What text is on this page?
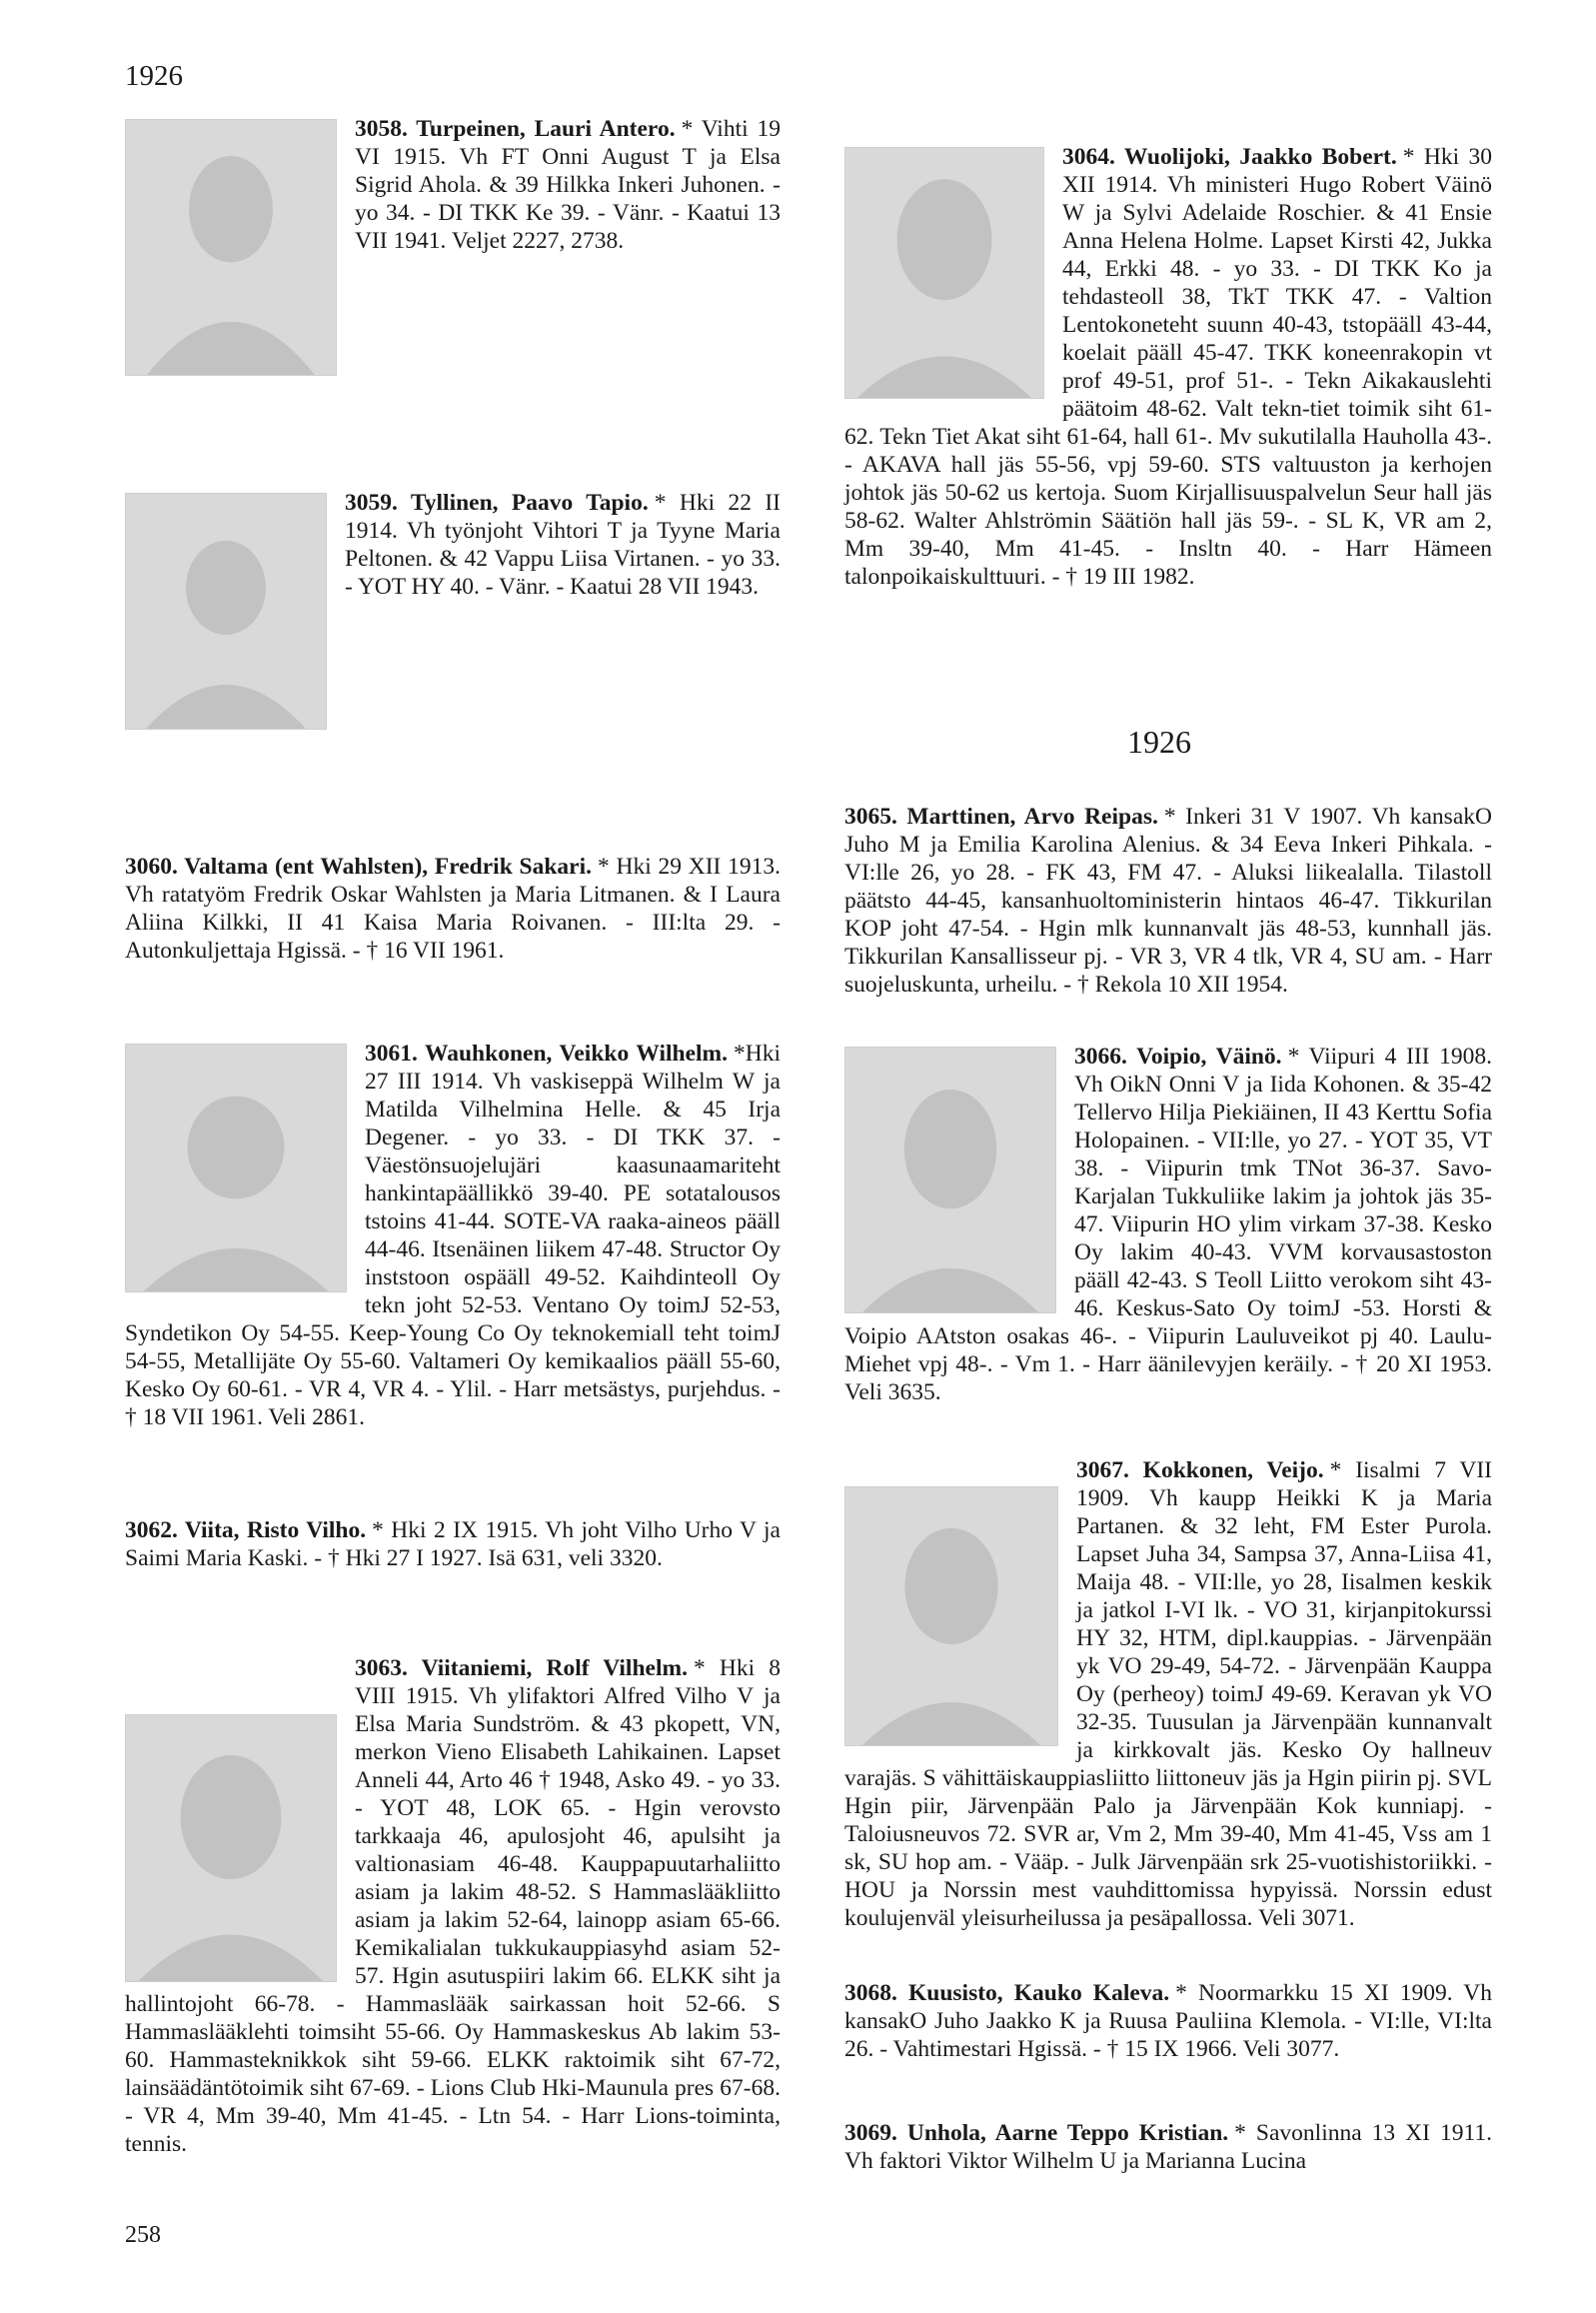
1926
1926
258

3058. Turpeinen, Lauri Antero. * Vihti 19 VI 1915. Vh FT Onni August T ja Elsa Sigrid Ahola. & 39 Hilkka Inkeri Juhonen. - yo 34. - DI TKK Ke 39. - Vänr. - Kaatui 13 VII 1941. Veljet 2227, 2738.

3059. Tyllinen, Paavo Tapio. * Hki 22 II 1914. Vh työnjoht Vihtori T ja Tyyne Maria Peltonen. & 42 Vappu Liisa Virtanen. - yo 33. - YOT HY 40. - Vänr. - Kaatui 28 VII 1943.

3060. Valtama (ent Wahlsten), Fredrik Sakari. * Hki 29 XII 1913. Vh ratatyöm Fredrik Oskar Wahlsten ja Maria Litmanen. & I Laura Aliina Kilkki, II 41 Kaisa Maria Roivanen. - III:lta 29. - Autonkuljettaja Hgissä. - † 16 VII 1961.

3061. Wauhkonen, Veikko Wilhelm. *Hki 27 III 1914. Vh vaskiseppä Wilhelm W ja Matilda Vilhelmina Helle. & 45 Irja Degener. - yo 33. - DI TKK 37. - Väestönsuojelujäri kaasunaamariteht hankintapäällikkö 39-40. PE sotatalousos tstoins 41-44. SOTE-VA raaka-aineos pääll 44-46. Itsenäinen liikem 47-48. Structor Oy inststoon ospääll 49-52. Kaihdinteoll Oy tekn joht 52-53. Ventano Oy toimJ 52-53, Syndetikon Oy 54-55. Keep-Young Co Oy teknokemiall teht toimJ 54-55, Metallijäte Oy 55-60. Valtameri Oy kemikaalios pääll 55-60, Kesko Oy 60-61. - VR 4, VR 4. - Ylil. - Harr metsästys, purjehdus. - † 18 VII 1961. Veli 2861.

3062. Viita, Risto Vilho. * Hki 2 IX 1915. Vh joht Vilho Urho V ja Saimi Maria Kaski. - † Hki 27 I 1927. Isä 631, veli 3320.

3063. Viitaniemi, Rolf Vilhelm. * Hki 8 VIII 1915. Vh ylifaktori Alfred Vilho V ja Elsa Maria Sundström. & 43 pkopett, VN, merkon Vieno Elisabeth Lahikainen. Lapset Anneli 44, Arto 46 † 1948, Asko 49. - yo 33. - YOT 48, LOK 65. - Hgin verovsto tarkkaaja 46, apulosjoht 46, apulsiht ja valtionasiam 46-48. Kauppapuutarhaliitto asiam ja lakim 48-52. S Hammaslääkliitto asiam ja lakim 52-64, lainopp asiam 65-66. Kemikalialan tukkukauppiasyhd asiam 52-57. Hgin asutuspiiri lakim 66. ELKK siht ja hallintojoht 66-78. - Hammaslääk sairkassan hoit 52-66. S Hammaslääklehti toimsiht 55-66. Oy Hammaskeskus Ab lakim 53-60. Hammasteknikkok siht 59-66. ELKK raktoimik siht 67-72, lainsäädäntötoimik siht 67-69. - Lions Club Hki-Maunula pres 67-68. - VR 4, Mm 39-40, Mm 41-45. - Ltn 54. - Harr Lions-toiminta, tennis.

3064. Wuolijoki, Jaakko Bobert. * Hki 30 XII 1914. Vh ministeri Hugo Robert Väinö W ja Sylvi Adelaide Roschier. & 41 Ensie Anna Helena Holme. Lapset Kirsti 42, Jukka 44, Erkki 48. - yo 33. - DI TKK Ko ja tehdasteoll 38, TkT TKK 47. - Valtion Lentokoneteht suunn 40-43, tstopääll 43-44, koelait pääll 45-47. TKK koneenrakopin vt prof 49-51, prof 51-. - Tekn Aikakauslehti päätoim 48-62. Valt tekn-tiet toimik siht 61-62. Tekn Tiet Akat siht 61-64, hall 61-. Mv sukutilalla Hauholla 43-. - AKAVA hall jäs 55-56, vpj 59-60. STS valtuuston ja kerhojen johtok jäs 50-62 us kertoja. Suom Kirjallisuuspalvelun Seur hall jäs 58-62. Walter Ahlströmin Säätiön hall jäs 59-. - SL K, VR am 2, Mm 39-40, Mm 41-45. - Insltn 40. - Harr Hämeen talonpoikaiskulttuuri. - † 19 III 1982.

3065. Marttinen, Arvo Reipas. * Inkeri 31 V 1907. Vh kansakO Juho M ja Emilia Karolina Alenius. & 34 Eeva Inkeri Pihkala. - VI:lle 26, yo 28. - FK 43, FM 47. - Aluksi liikealalla. Tilastoll päätsto 44-45, kansanhuoltoministerin hintaos 46-47. Tikkurilan KOP joht 47-54. - Hgin mlk kunnanvalt jäs 48-53, kunnhall jäs. Tikkurilan Kansallisseur pj. - VR 3, VR 4 tlk, VR 4, SU am. - Harr suojeluskunta, urheilu. - † Rekola 10 XII 1954.

3066. Voipio, Väinö. * Viipuri 4 III 1908. Vh OikN Onni V ja Iida Kohonen. & 35-42 Tellervo Hilja Piekiäinen, II 43 Kerttu Sofia Holopainen. - VII:lle, yo 27. - YOT 35, VT 38. - Viipurin tmk TNot 36-37. Savo-Karjalan Tukkuliike lakim ja johtok jäs 35-47. Viipurin HO ylim virkam 37-38. Kesko Oy lakim 40-43. VVM korvausastoston pääll 42-43. S Teoll Liitto verokom siht 43-46. Keskus-Sato Oy toimJ -53. Horsti & Voipio AAtston osakas 46-. - Viipurin Lauluveikot pj 40. Laulu-Miehet vpj 48-. - Vm 1. - Harr äänilevyjen keräily. - † 20 XI 1953. Veli 3635.

3067. Kokkonen, Veijo. * Iisalmi 7 VII 1909. Vh kaupp Heikki K ja Maria Partanen. & 32 leht, FM Ester Purola. Lapset Juha 34, Sampsa 37, Anna-Liisa 41, Maija 48. - VII:lle, yo 28, Iisalmen keskik ja jatkol I-VI lk. - VO 31, kirjanpitokurssi HY 32, HTM, dipl.kauppias. - Järvenpään yk VO 29-49, 54-72. - Järvenpään Kauppa Oy (perheoy) toimJ 49-69. Keravan yk VO 32-35. Tuusulan ja Järvenpään kunnanvalt ja kirkkovalt jäs. Kesko Oy hallneuv varajäs. S vähittäiskauppiasliitto liittoneuv jäs ja Hgin piirin pj. SVL Hgin piir, Järvenpään Palo ja Järvenpään Kok kunniapj. - Taloiusneuvos 72. SVR ar, Vm 2, Mm 39-40, Mm 41-45, Vss am 1 sk, SU hop am. - Vääp. - Julk Järvenpään srk 25-vuotishistoriikki. - HOU ja Norssin mest vauhdittomissa hypyissä. Norssin edust koulujenväl yleisurheilussa ja pesäpallossa. Veli 3071.

3068. Kuusisto, Kauko Kaleva. * Noormarkku 15 XI 1909. Vh kansakO Juho Jaakko K ja Ruusa Pauliina Klemola. - VI:lle, VI:lta 26. - Vahtimestari Hgissä. - † 15 IX 1966. Veli 3077.

3069. Unhola, Aarne Teppo Kristian. * Savonlinna 13 XI 1911. Vh faktori Viktor Wilhelm U ja Marianna Lucina
